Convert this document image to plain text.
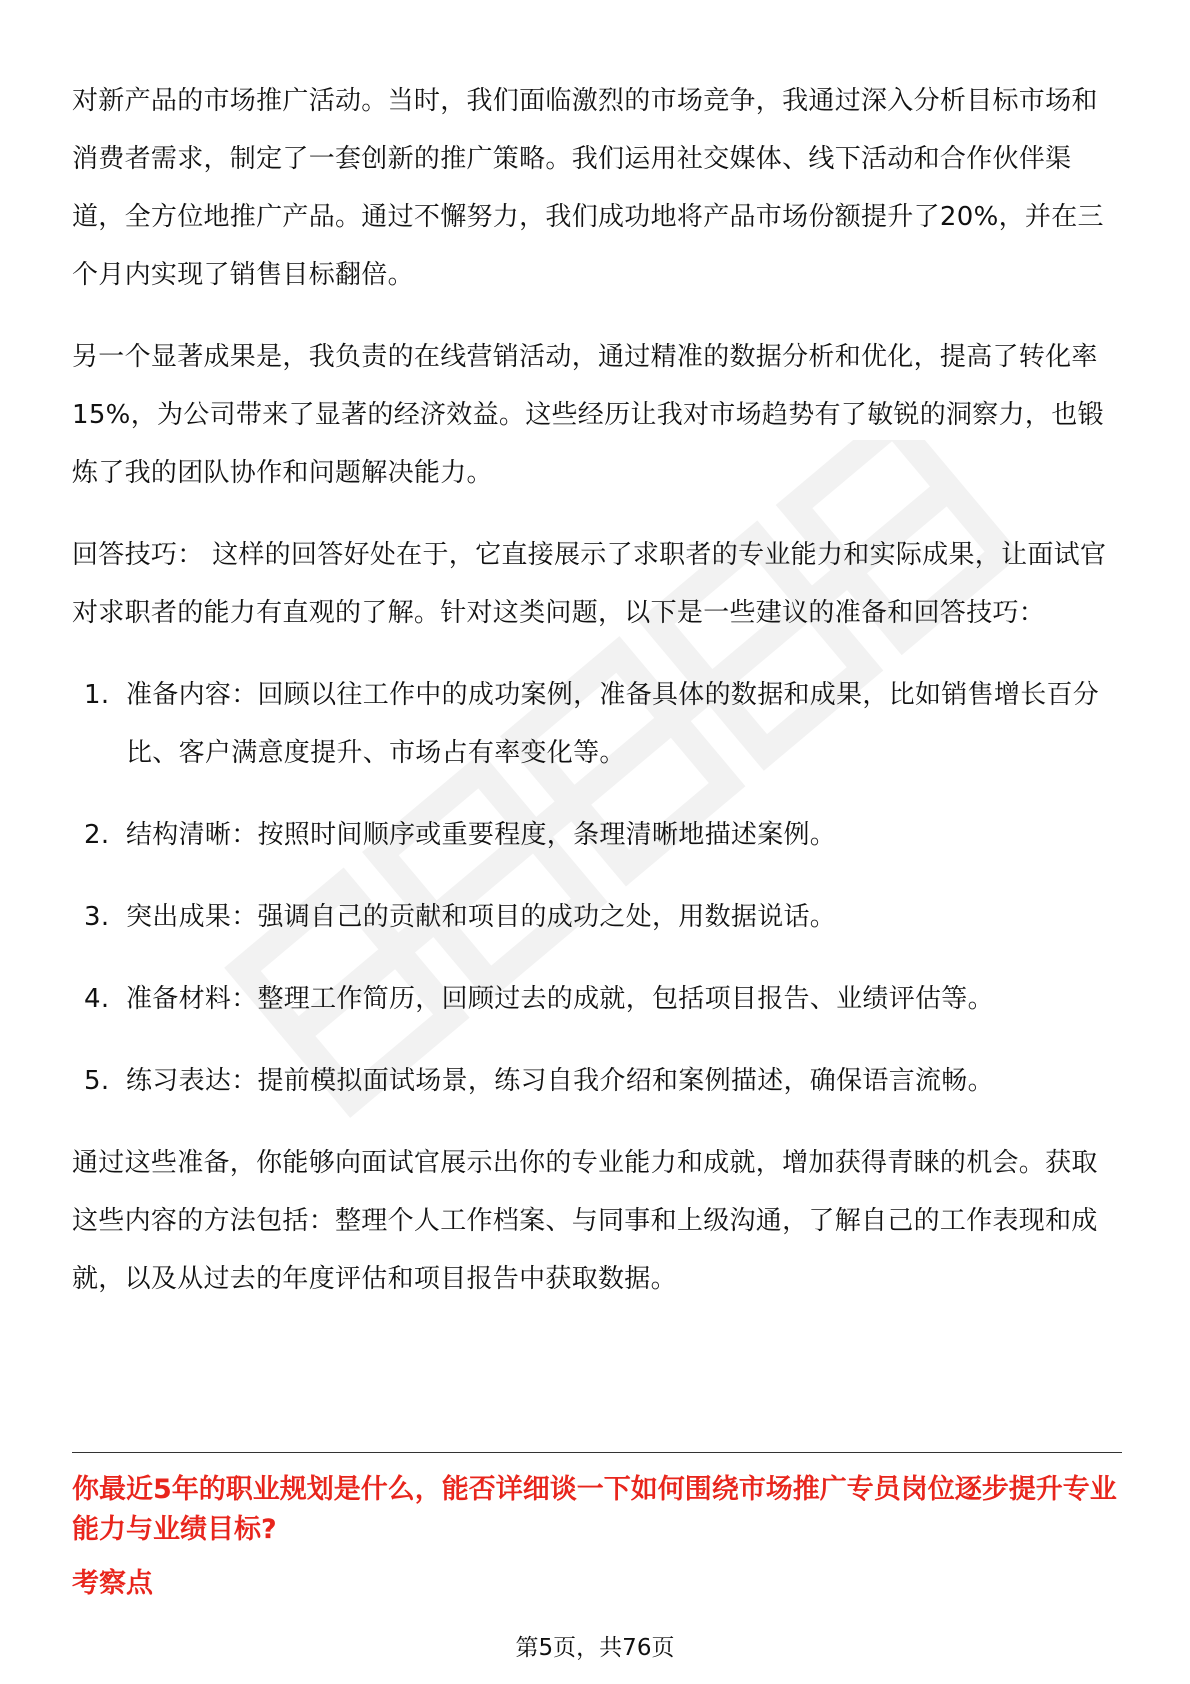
对新产品的市场推广活动。当时，我们面临激烈的市场竞争，我通过深入分析目标市场和消费者需求，制定了一套创新的推广策略。我们运用社交媒体、线下活动和合作伙伴渠道，全方位地推广产品。通过不懈努力，我们成功地将产品市场份额提升了20%，并在三个月内实现了销售目标翻倍。

另一个显著成果是，我负责的在线营销活动，通过精准的数据分析和优化，提高了转化率15%，为公司带来了显著的经济效益。这些经历让我对市场趋势有了敏锐的洞察力，也锻炼了我的团队协作和问题解决能力。

回答技巧： 这样的回答好处在于，它直接展示了求职者的专业能力和实际成果，让面试官对求职者的能力有直观的了解。针对这类问题，以下是一些建议的准备和回答技巧：

1. 准备内容：回顾以往工作中的成功案例，准备具体的数据和成果，比如销售增长百分比、客户满意度提升、市场占有率变化等。
2. 结构清晰：按照时间顺序或重要程度，条理清晰地描述案例。
3. 突出成果：强调自己的贡献和项目的成功之处，用数据说话。
4. 准备材料：整理工作简历，回顾过去的成就，包括项目报告、业绩评估等。
5. 练习表达：提前模拟面试场景，练习自我介绍和案例描述，确保语言流畅。

通过这些准备，你能够向面试官展示出你的专业能力和成就，增加获得青睐的机会。获取这些内容的方法包括：整理个人工作档案、与同事和上级沟通，了解自己的工作表现和成就，以及从过去的年度评估和项目报告中获取数据。

你最近5年的职业规划是什么，能否详细谈一下如何围绕市场推广专员岗位逐步提升专业能力与业绩目标?
考察点
第5页，共76页
